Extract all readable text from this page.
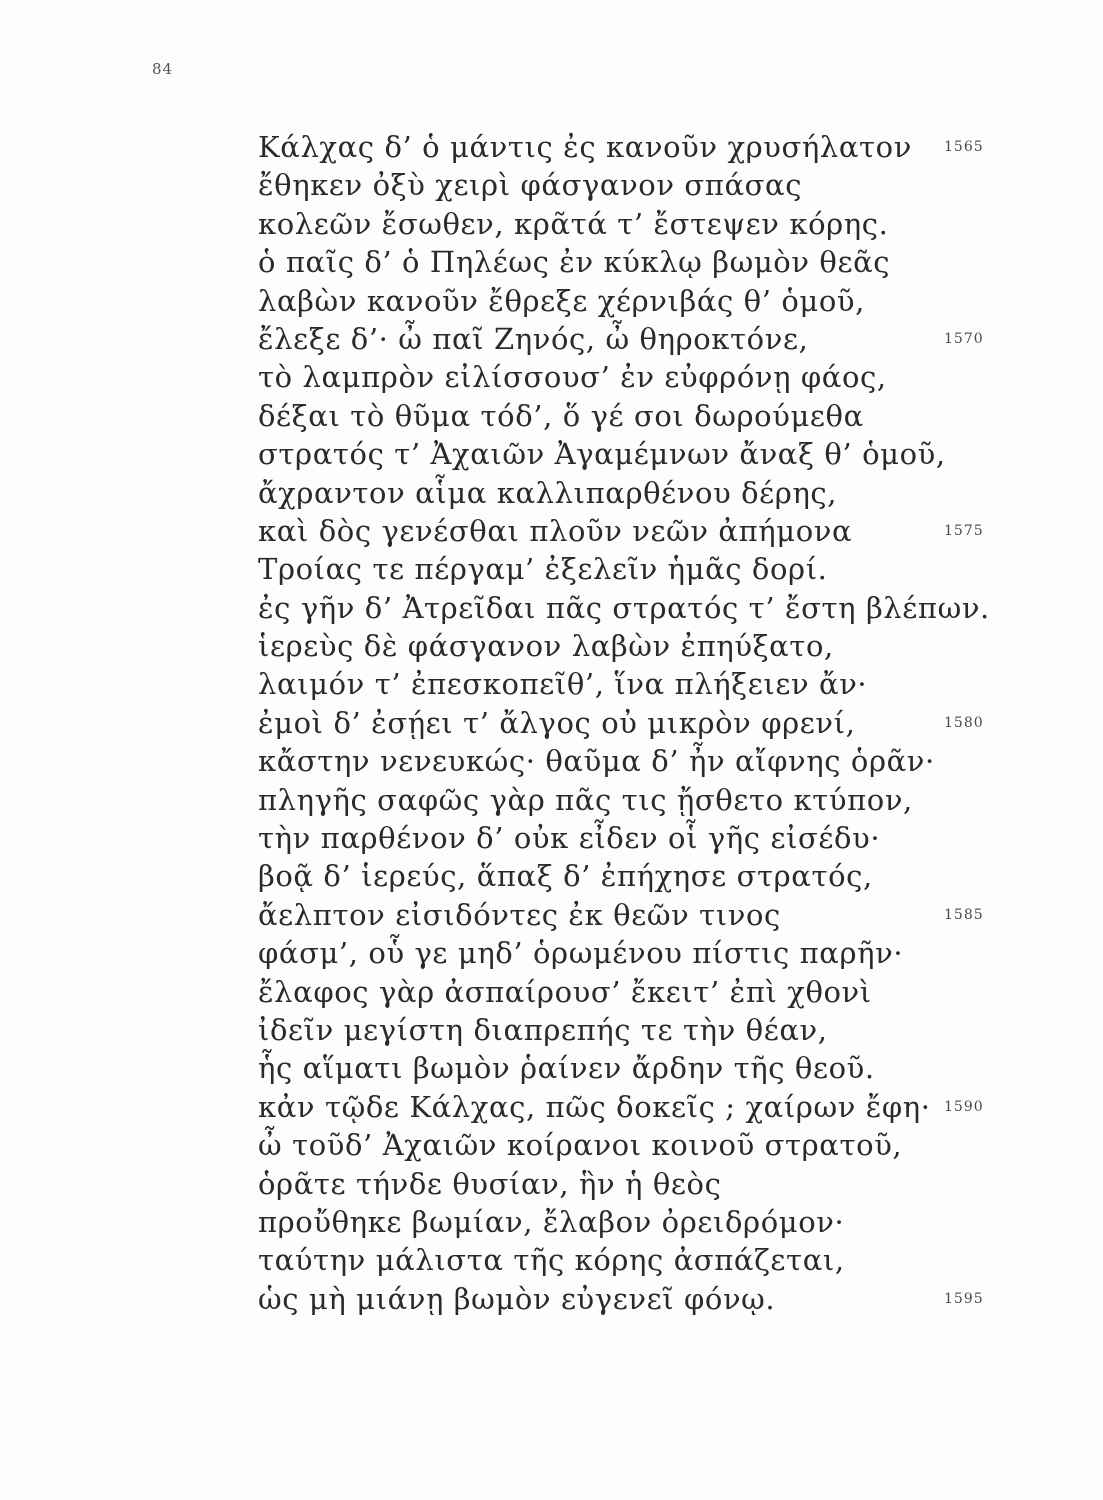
84
Κάλχας δ’ ὁ μάντις ἐς κανοῦν χρυσήλατον 1565
ἔθηκεν ὀξὺ χειρὶ φάσγανον σπάσας
κολεῶν ἔσωθεν, κρᾶτά τ’ ἔστεψεν κόρης.
ὁ παῖς δ’ ὁ Πηλέως ἐν κύκλῳ βωμὸν θεᾶς
λαβὼν κανοῦν ἔθρεξε χέρνιβάς θ’ ὁμοῦ,
ἔλεξε δ’· ὦ παῖ Ζηνός, ὦ θηροκτόνε,	1570
τὸ λαμπρὸν εἰλίσσουσ’ ἐν εὐφρόνῃ φάος,
δέξαι τὸ θῦμα τόδ’, ὅ γέ σοι δωρούμεθα
στρατός τ’ Ἀχαιῶν Ἀγαμέμνων ἄναξ θ’ ὁμοῦ,
ἄχραντον αἷμα καλλιπαρθένου δέρης,
καὶ δὸς γενέσθαι πλοῦν νεῶν ἀπήμονα	1575
Τροίας τε πέργαμ’ ἐξελεῖν ἡμᾶς δορί.
ἐς γῆν δ’ Ἀτρεῖδαι πᾶς στρατός τ’ ἔστη βλέπων.
ἱερεὺς δὲ φάσγανον λαβὼν ἐπηύξατο,
λαιμόν τ’ ἐπεσκοπεῖθ’, ἵνα πλήξειεν ἄν·
ἐμοὶ δ’ ἐσῄει τ’ ἄλγος οὐ μικρὸν φρενί,	1580
κἄστην νενευκώς· θαῦμα δ’ ἦν αἴφνης ὁρᾶν·
πληγῆς σαφῶς γὰρ πᾶς τις ᾔσθετο κτύπον,
τὴν παρθένον δ’ οὐκ εἶδεν οἷ γῆς εἰσέδυ·
βοᾷ δ’ ἱερεύς, ἅπαξ δ’ ἐπήχησε στρατός,
ἄελπτον εἰσιδόντες ἐκ θεῶν τινος	1585
φάσμ’, οὗ γε μηδ’ ὁρωμένου πίστις παρῆν·
ἔλαφος γὰρ ἀσπαίρουσ’ ἔκειτ’ ἐπὶ χθονὶ
ἰδεῖν μεγίστη διαπρεπής τε τὴν θέαν,
ἧς αἵματι βωμὸν ῥαίνεν ἄρδην τῆς θεοῦ.
κἀν τῷδε Κάλχας, πῶς δοκεῖς ; χαίρων ἔφη· 1590
ὦ τοῦδ’ Ἀχαιῶν κοίρανοι κοινοῦ στρατοῦ,
ὁρᾶτε τήνδε θυσίαν, ἣν ἡ θεὸς
προὔθηκε βωμίαν, ἔλαβον ὀρειδρόμον·
ταύτην μάλιστα τῆς κόρης ἀσπάζεται,
ὡς μὴ μιάνῃ βωμὸν εὐγενεῖ φόνῳ.	1595
